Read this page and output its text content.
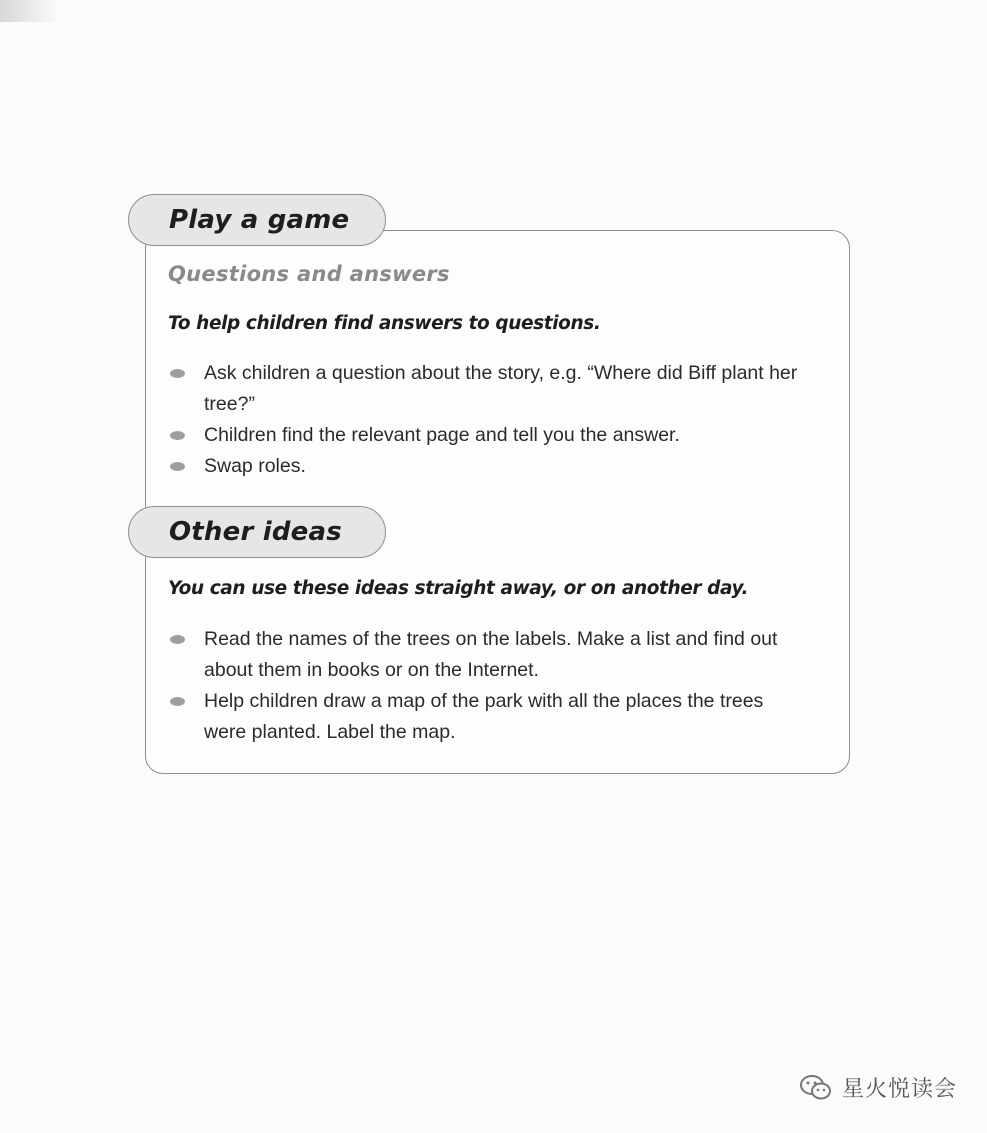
Play a game
Questions and answers
To help children find answers to questions.
Ask children a question about the story, e.g. “Where did Biff plant her tree?”
Children find the relevant page and tell you the answer.
Swap roles.
Other ideas
You can use these ideas straight away, or on another day.
Read the names of the trees on the labels. Make a list and find out about them in books or on the Internet.
Help children draw a map of the park with all the places the trees were planted. Label the map.
星火悦读会
